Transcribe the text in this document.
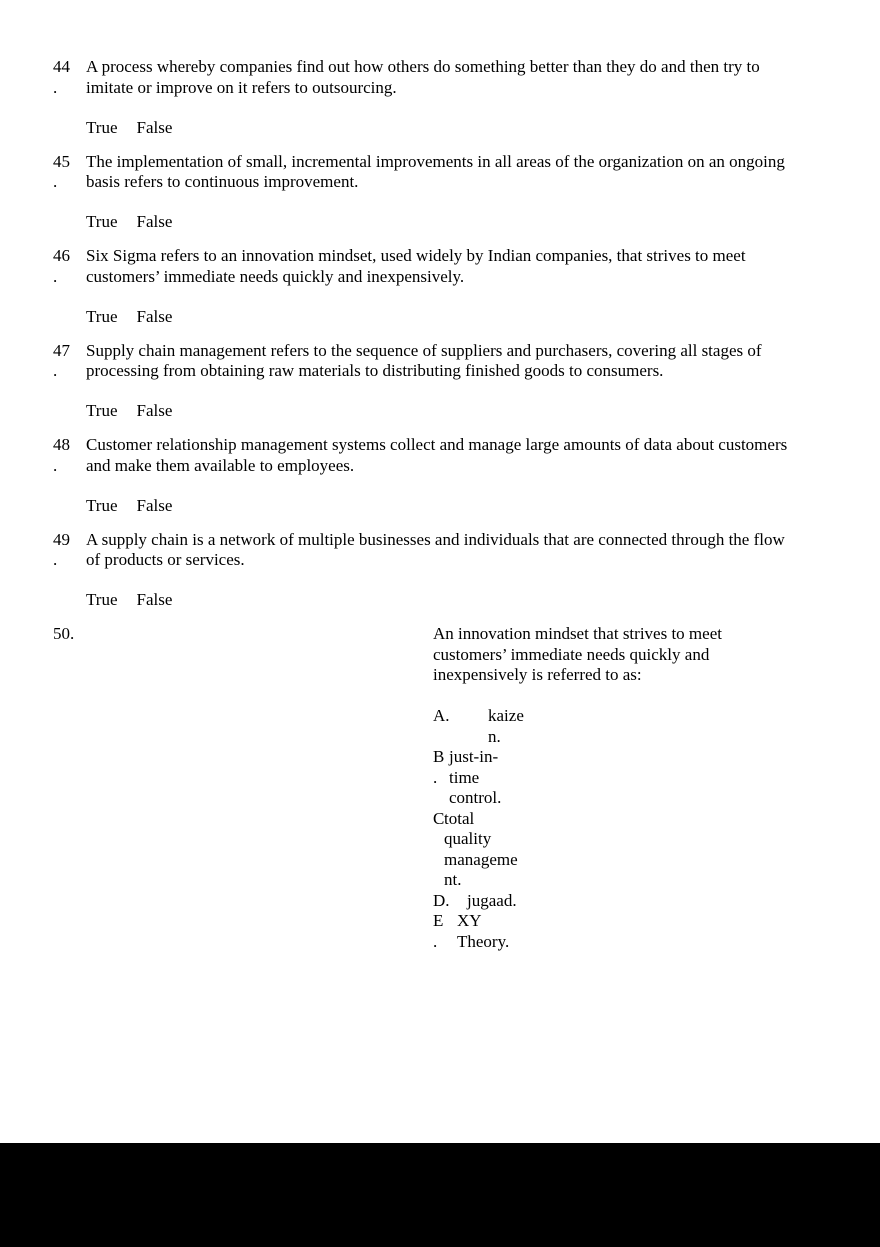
44
.
A process whereby companies find out how others do something better than they do and then try to
imitate or improve on it refers to outsourcing.
True False
45
.
The implementation of small, incremental improvements in all areas of the organization on an ongoing
basis refers to continuous improvement.
True False
46
.
Six Sigma refers to an innovation mindset, used widely by Indian companies, that strives to meet
customers’ immediate needs quickly and inexpensively.
True False
47
.
Supply chain management refers to the sequence of suppliers and purchasers, covering all stages of
processing from obtaining raw materials to distributing finished goods to consumers.
True False
48
.
Customer relationship management systems collect and manage large amounts of data about customers
and make them available to employees.
True False
49
.
A supply chain is a network of multiple businesses and individuals that are connected through the flow
of products or services.
True False
50.	An innovation mindset that strives to meet
customers’ immediate needs quickly and
inexpensively is referred to as:
A.	kaize
n.
B
.
just-in-
time
control.
C total
quality
manageme
nt.
D.	jugaad.
E
.
XY
Theory.
